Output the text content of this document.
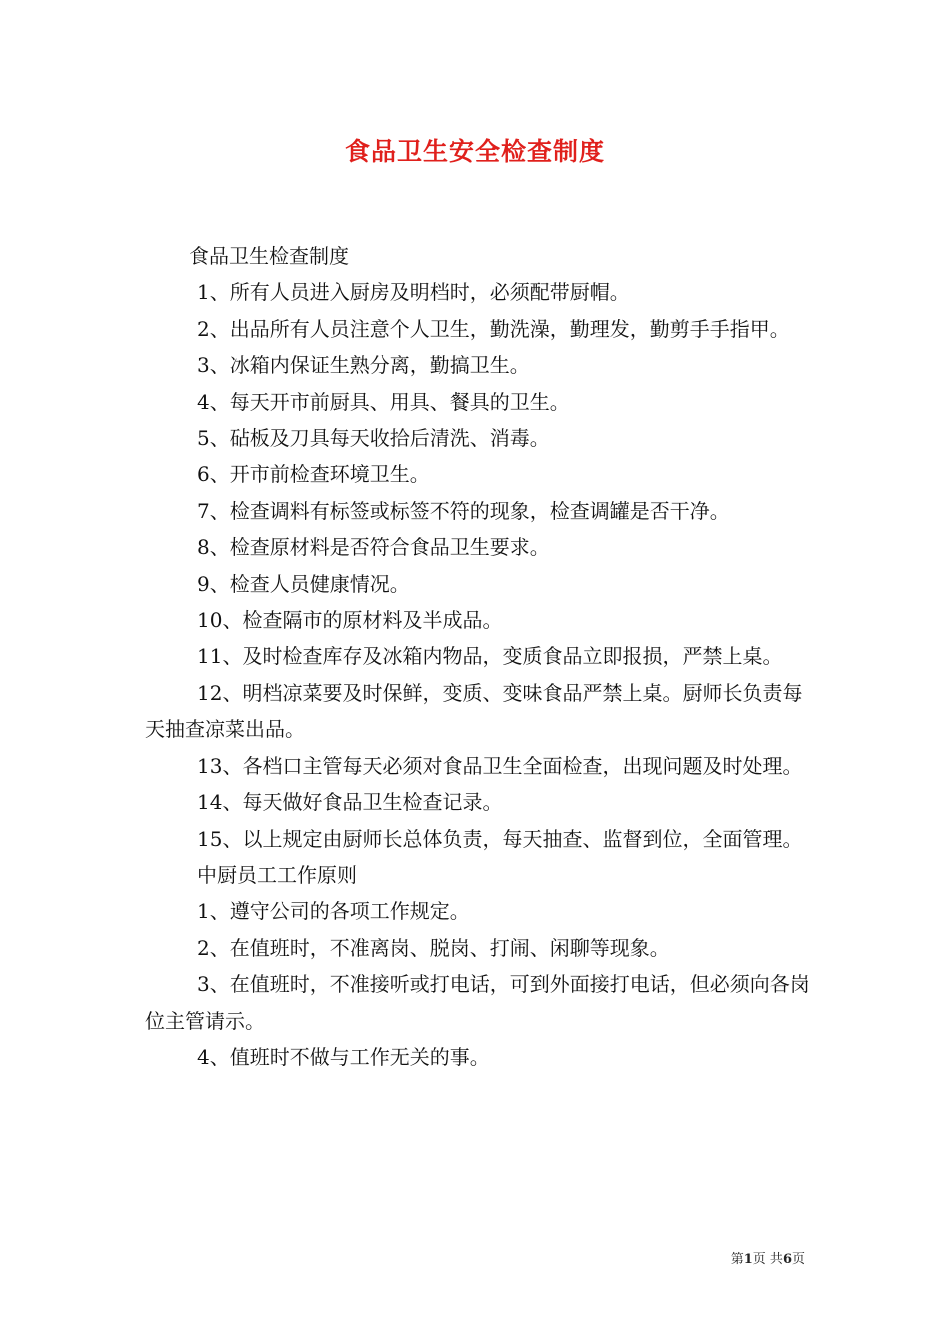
食品卫生安全检查制度

食品卫生检查制度

1、所有人员进入厨房及明档时，必须配带厨帽。

2、出品所有人员注意个人卫生，勤洗澡，勤理发，勤剪手手指甲。

3、冰箱内保证生熟分离，勤搞卫生。

4、每天开市前厨具、用具、餐具的卫生。

5、砧板及刀具每天收拾后清洗、消毒。

6、开市前检查环境卫生。

7、检查调料有标签或标签不符的现象，检查调罐是否干净。

8、检查原材料是否符合食品卫生要求。

9、检查人员健康情况。

10、检查隔市的原材料及半成品。

11、及时检查库存及冰箱内物品，变质食品立即报损，严禁上桌。

12、明档凉菜要及时保鲜，变质、变味食品严禁上桌。厨师长负责每天抽查凉菜出品。

13、各档口主管每天必须对食品卫生全面检查，出现问题及时处理。

14、每天做好食品卫生检查记录。

15、以上规定由厨师长总体负责，每天抽查、监督到位，全面管理。

中厨员工工作原则

1、遵守公司的各项工作规定。

2、在值班时，不准离岗、脱岗、打闹、闲聊等现象。

3、在值班时，不准接听或打电话，可到外面接打电话，但必须向各岗位主管请示。

4、值班时不做与工作无关的事。

第1页 共6页
